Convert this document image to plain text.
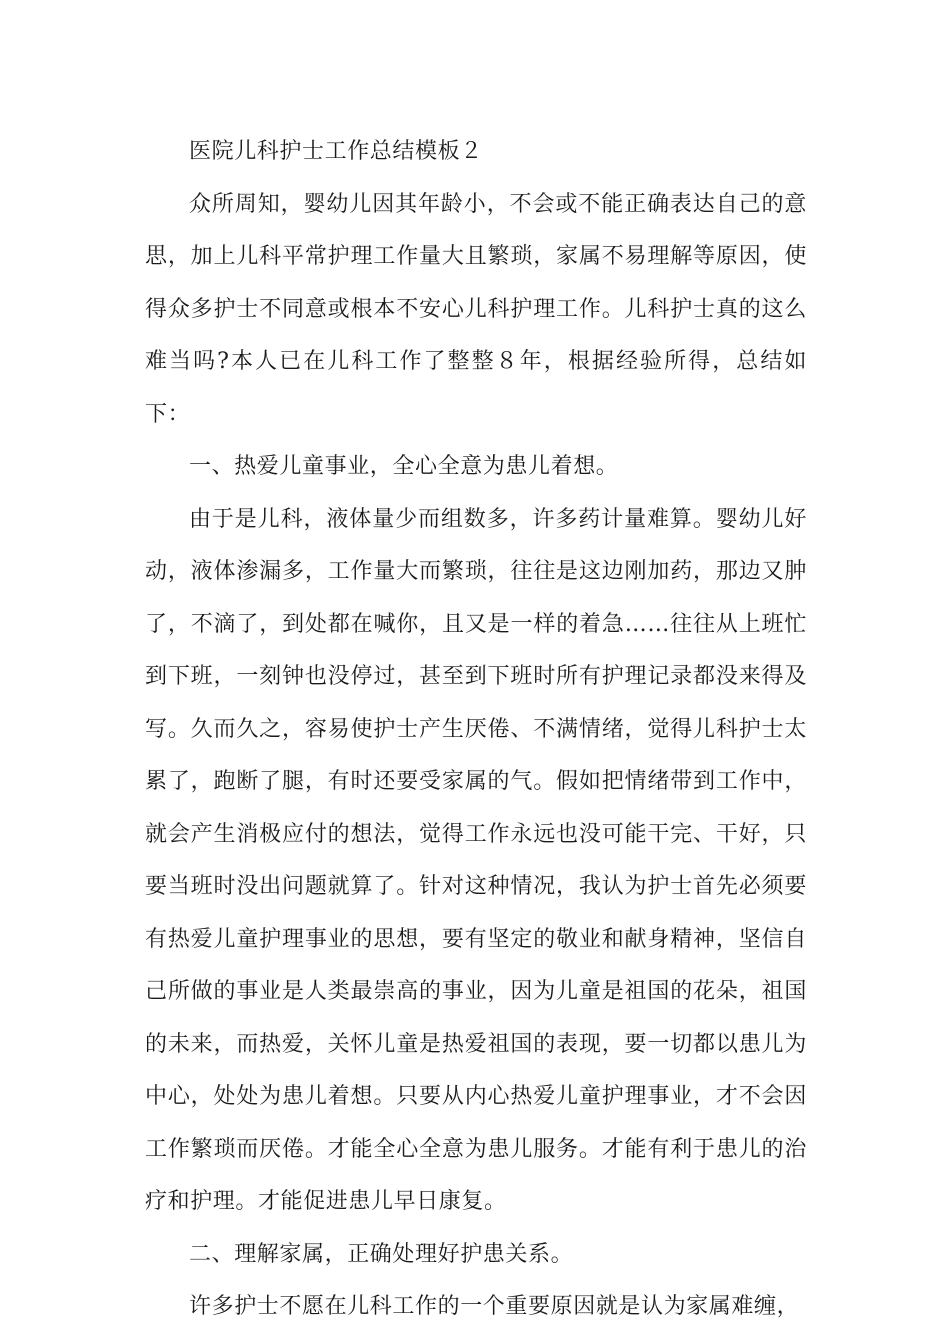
医院儿科护士工作总结模板２

众所周知，婴幼儿因其年龄小，不会或不能正确表达自己的意思，加上儿科平常护理工作量大且繁琐，家属不易理解等原因，使得众多护士不同意或根本不安心儿科护理工作。儿科护士真的这么难当吗?本人已在儿科工作了整整８年，根据经验所得，总结如下：

一、热爱儿童事业，全心全意为患儿着想。

由于是儿科，液体量少而组数多，许多药计量难算。婴幼儿好动，液体渗漏多，工作量大而繁琐，往往是这边刚加药，那边又肿了，不滴了，到处都在喊你，且又是一样的着急……往往从上班忙到下班，一刻钟也没停过，甚至到下班时所有护理记录都没来得及写。久而久之，容易使护士产生厌倦、不满情绪，觉得儿科护士太累了，跑断了腿，有时还要受家属的气。假如把情绪带到工作中，就会产生消极应付的想法，觉得工作永远也没可能干完、干好，只要当班时没出问题就算了。针对这种情况，我认为护士首先必须要有热爱儿童护理事业的思想，要有坚定的敬业和献身精神，坚信自己所做的事业是人类最崇高的事业，因为儿童是祖国的花朵，祖国的未来，而热爱，关怀儿童是热爱祖国的表现，要一切都以患儿为中心，处处为患儿着想。只要从内心热爱儿童护理事业，才不会因工作繁琐而厌倦。才能全心全意为患儿服务。才能有利于患儿的治疗和护理。才能促进患儿早日康复。

二、理解家属，正确处理好护患关系。

许多护士不愿在儿科工作的一个重要原因就是认为家属难缠，
